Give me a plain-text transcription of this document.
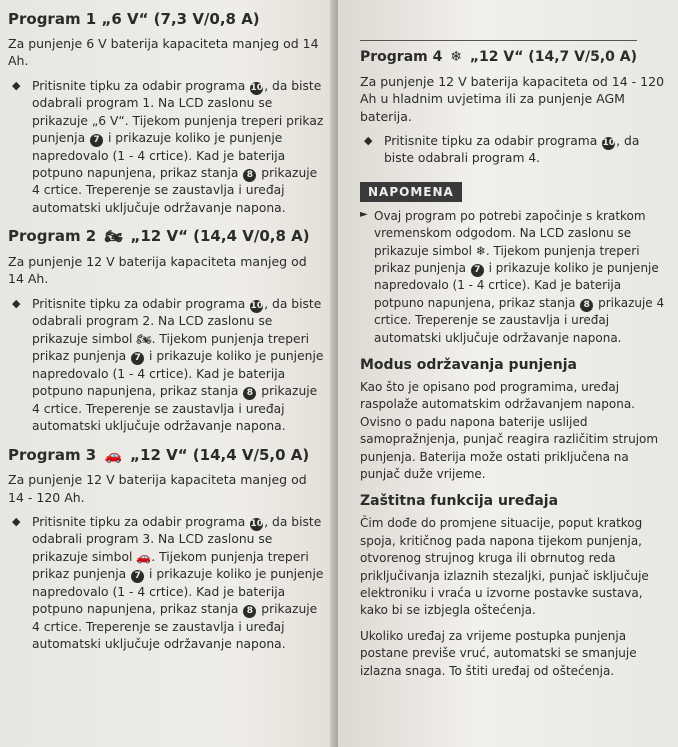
Program 1 „6 V“ (7,3 V/0,8 A)

Za punjenje 6 V baterija kapaciteta manjeg od 14 Ah.

◆ Pritisnite tipku za odabir programa 10, da biste odabrali program 1. Na LCD zaslonu se prikazuje „6 V“. Tijekom punjenja treperi prikaz punjenja 7 i prikazuje koliko je punjenje napredovalo (1 - 4 crtice). Kad je baterija potpuno napunjena, prikaz stanja 8 prikazuje 4 crtice. Treperenje se zaustavlja i uređaj automatski uključuje održavanje napona.

Program 2 🏍 „12 V“ (14,4 V/0,8 A)

Za punjenje 12 V baterija kapaciteta manjeg od 14 Ah.

◆ Pritisnite tipku za odabir programa 10, da biste odabrali program 2. Na LCD zaslonu se prikazuje simbol 🏍. Tijekom punjenja treperi prikaz punjenja 7 i prikazuje koliko je punjenje napredovalo (1 - 4 crtice). Kad je baterija potpuno napunjena, prikaz stanja 8 prikazuje 4 crtice. Treperenje se zaustavlja i uređaj automatski uključuje održavanje napona.

Program 3 🚗 „12 V“ (14,4 V/5,0 A)

Za punjenje 12 V baterija kapaciteta manjeg od 14 - 120 Ah.

◆ Pritisnite tipku za odabir programa 10, da biste odabrali program 3. Na LCD zaslonu se prikazuje simbol 🚗. Tijekom punjenja treperi prikaz punjenja 7 i prikazuje koliko je punjenje napredovalo (1 - 4 crtice). Kad je baterija potpuno napunjena, prikaz stanja 8 prikazuje 4 crtice. Treperenje se zaustavlja i uređaj automatski uključuje održavanje napona.

Program 4 ❄ „12 V“ (14,7 V/5,0 A)

Za punjenje 12 V baterija kapaciteta od 14 - 120 Ah u hladnim uvjetima ili za punjenje AGM baterija.

◆ Pritisnite tipku za odabir programa 10, da biste odabrali program 4.

NAPOMENA

► Ovaj program po potrebi započinje s kratkom vremenskom odgodom. Na LCD zaslonu se prikazuje simbol ❄. Tijekom punjenja treperi prikaz punjenja 7 i prikazuje koliko je punjenje napredovalo (1 - 4 crtice). Kad je baterija potpuno napunjena, prikaz stanja 8 prikazuje 4 crtice. Treperenje se zaustavlja i uređaj automatski uključuje održavanje napona.

Modus održavanja punjenja

Kao što je opisano pod programima, uređaj raspolaže automatskim održavanjem napona. Ovisno o padu napona baterije uslijed samopražnjenja, punjač reagira različitim strujom punjenja. Baterija može ostati priključena na punjač duže vrijeme.

Zaštitna funkcija uređaja

Čim dođe do promjene situacije, poput kratkog spoja, kritičnog pada napona tijekom punjenja, otvorenog strujnog kruga ili obrnutog reda priključivanja izlaznih stezaljki, punjač isključuje elektroniku i vraća u izvorne postavke sustava, kako bi se izbjegla oštećenja.

Ukoliko uređaj za vrijeme postupka punjenja postane previše vruć, automatski se smanjuje izlazna snaga. To štiti uređaj od oštećenja.
